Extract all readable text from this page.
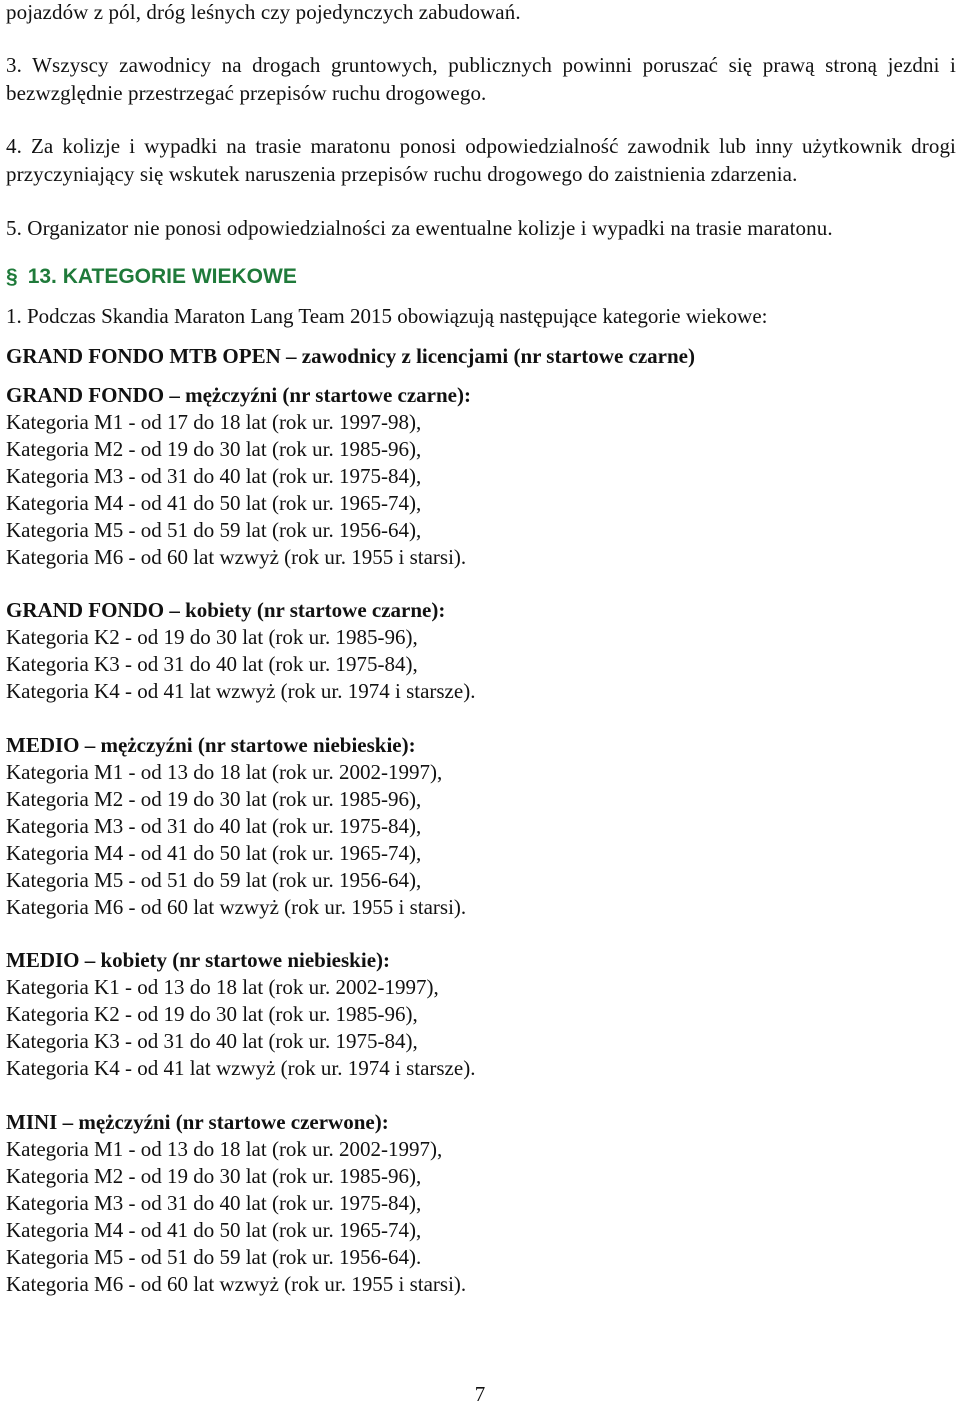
pojazdów z pól, dróg leśnych czy pojedynczych zabudowań.
3. Wszyscy zawodnicy na drogach gruntowych, publicznych powinni poruszać się prawą stroną jezdni i bezwzględnie przestrzegać przepisów ruchu drogowego.
4. Za kolizje i wypadki na trasie maratonu ponosi odpowiedzialność zawodnik lub inny użytkownik drogi przyczyniający się wskutek naruszenia przepisów ruchu drogowego do zaistnienia zdarzenia.
5. Organizator nie ponosi odpowiedzialności za ewentualne kolizje i wypadki na trasie maratonu.
§ 13. KATEGORIE WIEKOWE
1. Podczas Skandia Maraton Lang Team 2015 obowiązują następujące kategorie wiekowe:
GRAND FONDO MTB OPEN – zawodnicy z licencjami (nr startowe czarne)
GRAND FONDO – mężczyźni (nr startowe czarne):
Kategoria M1 - od 17 do 18 lat (rok ur. 1997-98),
Kategoria M2 - od 19 do 30 lat (rok ur. 1985-96),
Kategoria M3 - od 31 do 40 lat (rok ur. 1975-84),
Kategoria M4 - od 41 do 50 lat (rok ur. 1965-74),
Kategoria M5 - od 51 do 59 lat (rok ur. 1956-64),
Kategoria M6 - od 60 lat wzwyż (rok ur. 1955 i starsi).
GRAND FONDO – kobiety (nr startowe czarne):
Kategoria K2 - od 19 do 30 lat (rok ur. 1985-96),
Kategoria K3 - od 31 do 40 lat (rok ur. 1975-84),
Kategoria K4 - od 41 lat wzwyż (rok ur. 1974 i starsze).
MEDIO – mężczyźni (nr startowe niebieskie):
Kategoria M1 - od 13 do 18 lat (rok ur. 2002-1997),
Kategoria M2 - od 19 do 30 lat (rok ur. 1985-96),
Kategoria M3 - od 31 do 40 lat (rok ur. 1975-84),
Kategoria M4 - od 41 do 50 lat (rok ur. 1965-74),
Kategoria M5 - od 51 do 59 lat (rok ur. 1956-64),
Kategoria M6 - od 60 lat wzwyż (rok ur. 1955 i starsi).
MEDIO – kobiety (nr startowe niebieskie):
Kategoria K1 - od 13 do 18 lat (rok ur. 2002-1997),
Kategoria K2 - od 19 do 30 lat (rok ur. 1985-96),
Kategoria K3 - od 31 do 40 lat (rok ur. 1975-84),
Kategoria K4 - od 41 lat wzwyż (rok ur. 1974 i starsze).
MINI – mężczyźni (nr startowe czerwone):
Kategoria M1 - od 13 do 18 lat (rok ur. 2002-1997),
Kategoria M2 - od 19 do 30 lat (rok ur. 1985-96),
Kategoria M3 - od 31 do 40 lat (rok ur. 1975-84),
Kategoria M4 - od 41 do 50 lat (rok ur. 1965-74),
Kategoria M5 - od 51 do 59 lat (rok ur. 1956-64).
Kategoria M6 - od 60 lat wzwyż (rok ur. 1955 i starsi).
7
